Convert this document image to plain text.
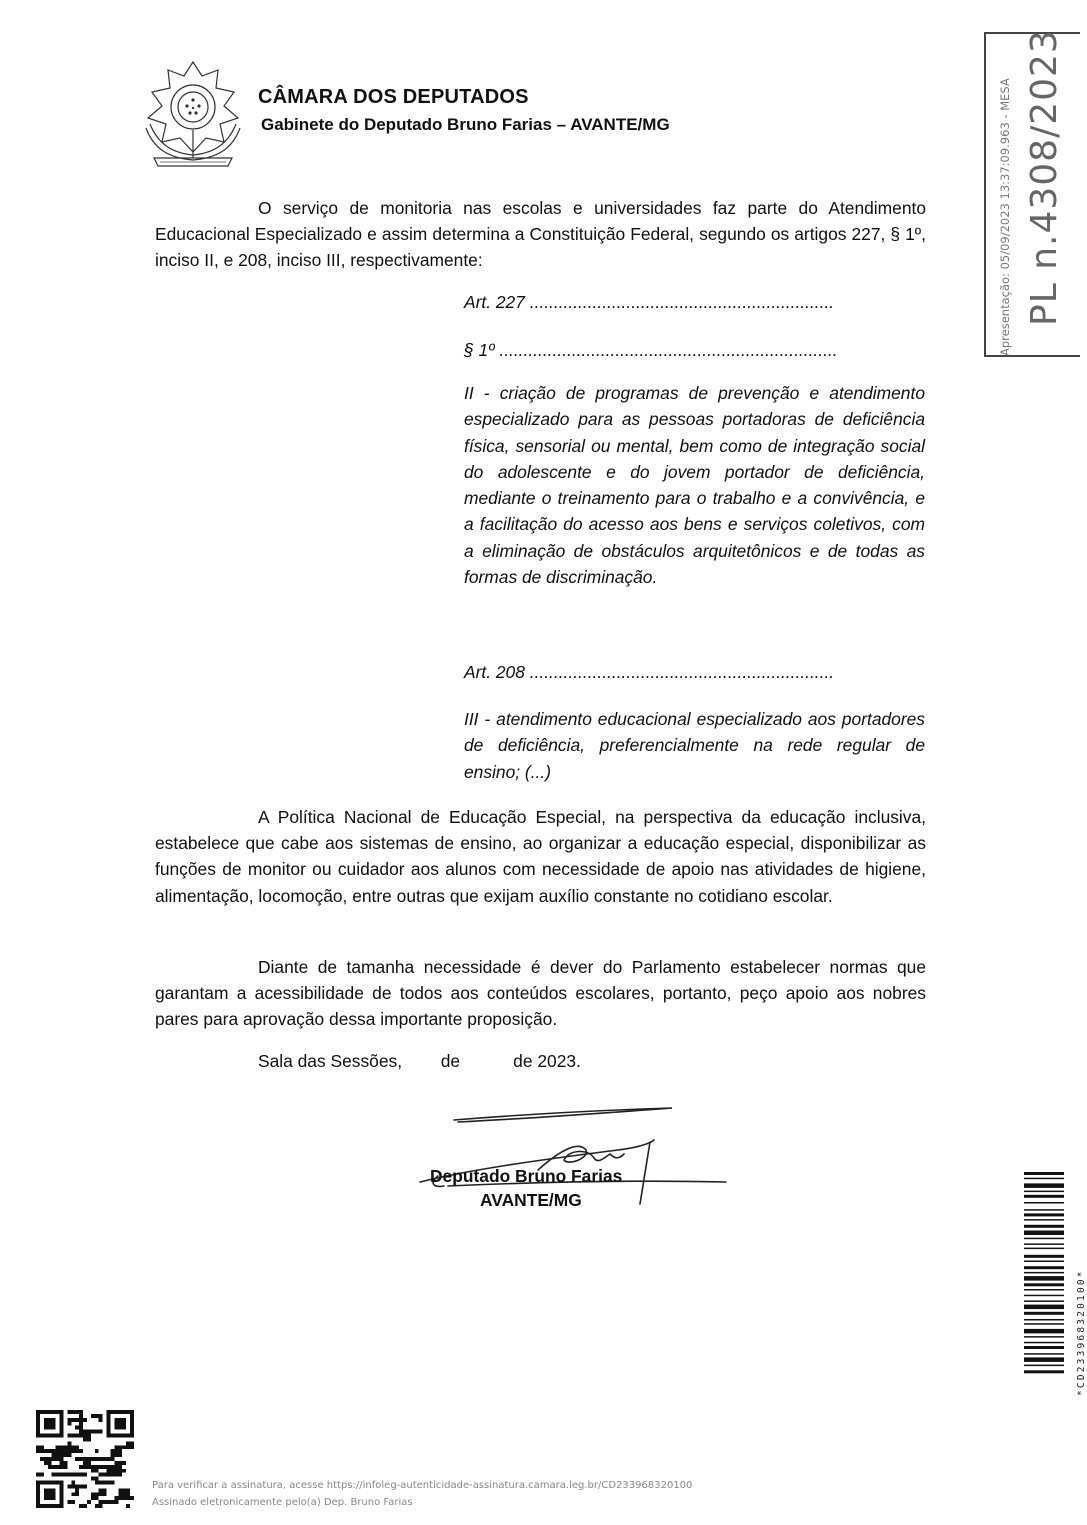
CÂMARA DOS DEPUTADOS
Gabinete do Deputado Bruno Farias – AVANTE/MG	Apresentação: 05/09/2023 13:37:09.963 - MESA PL n.4308/2023
O serviço de monitoria nas escolas e universidades faz parte do Atendimento Educacional Especializado e assim determina a Constituição Federal, segundo os artigos 227, § 1º, inciso II, e 208, inciso III, respectivamente:
Art. 227 ...............................................................
§ 1º ......................................................................
II - criação de programas de prevenção e atendimento especializado para as pessoas portadoras de deficiência física, sensorial ou mental, bem como de integração social do adolescente e do jovem portador de deficiência, mediante o treinamento para o trabalho e a convivência, e a facilitação do acesso aos bens e serviços coletivos, com a eliminação de obstáculos arquitetônicos e de todas as formas de discriminação.
Art. 208 ...............................................................
III - atendimento educacional especializado aos portadores de deficiência, preferencialmente na rede regular de ensino; (...)
A Política Nacional de Educação Especial, na perspectiva da educação inclusiva, estabelece que cabe aos sistemas de ensino, ao organizar a educação especial, disponibilizar as funções de monitor ou cuidador aos alunos com necessidade de apoio nas atividades de higiene, alimentação, locomoção, entre outras que exijam auxílio constante no cotidiano escolar.
Diante de tamanha necessidade é dever do Parlamento estabelecer normas que garantam a acessibilidade de todos aos conteúdos escolares, portanto, peço apoio aos nobres pares para aprovação dessa importante proposição.
Sala das Sessões,        de           de 2023.
Deputado Bruno Farias
AVANTE/MG
*CD233968320100*
Para verificar a assinatura, acesse https://infoleg-autenticidade-assinatura.camara.leg.br/CD233968320100
Assinado eletronicamente pelo(a) Dep. Bruno Farias
